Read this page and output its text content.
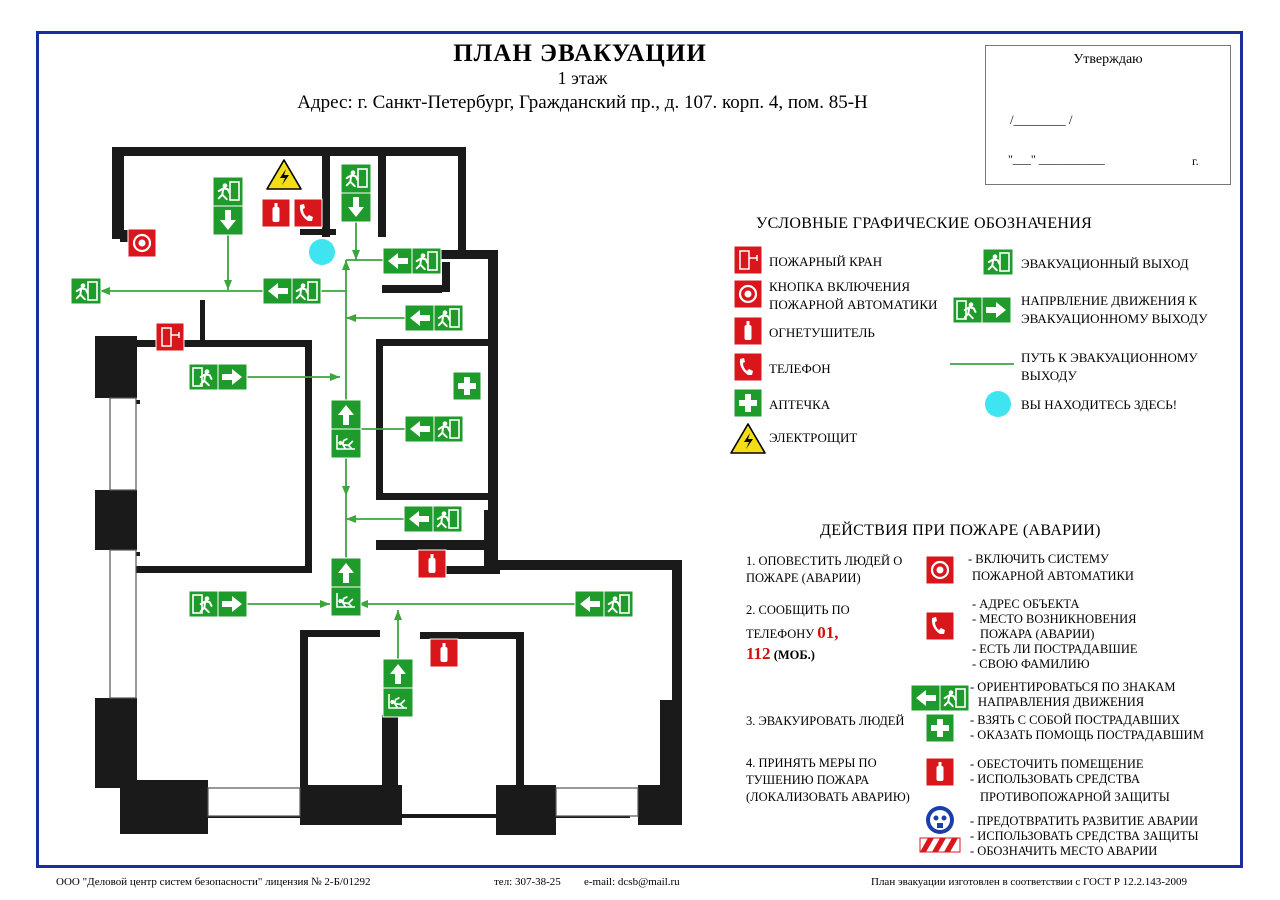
ПЛАН ЭВАКУАЦИИ
1 этаж
Адрес: г. Санкт-Петербург, Гражданский пр., д. 107. корп. 4, пом. 85-Н
Утверждаю
/________ /
"___" ___________	г.
УСЛОВНЫЕ ГРАФИЧЕСКИЕ ОБОЗНАЧЕНИЯ
ПОЖАРНЫЙ КРАН
КНОПКА ВКЛЮЧЕНИЯ ПОЖАРНОЙ АВТОМАТИКИ
ОГНЕТУШИТЕЛЬ
ТЕЛЕФОН
АПТЕЧКА
ЭЛЕКТРОЩИТ
ЭВАКУАЦИОННЫЙ ВЫХОД
НАПРВЛЕНИЕ ДВИЖЕНИЯ К ЭВАКУАЦИОННОМУ ВЫХОДУ
ПУТЬ К ЭВАКУАЦИОННОМУ ВЫХОДУ
ВЫ НАХОДИТЕСЬ ЗДЕСЬ!
ДЕЙСТВИЯ ПРИ ПОЖАРЕ (АВАРИИ)
1. ОПОВЕСТИТЬ ЛЮДЕЙ О ПОЖАРЕ (АВАРИИ)
- ВКЛЮЧИТЬ СИСТЕМУ
ПОЖАРНОЙ АВТОМАТИКИ
2. СООБЩИТЬ ПО
ТЕЛЕФОНУ 01,
112 (МОБ.)
- АДРЕС ОБЪЕКТА
- МЕСТО ВОЗНИКНОВЕНИЯ
ПОЖАРА (АВАРИИ)
- ЕСТЬ ЛИ ПОСТРАДАВШИЕ
- СВОЮ ФАМИЛИЮ
3. ЭВАКУИРОВАТЬ ЛЮДЕЙ
- ОРИЕНТИРОВАТЬСЯ ПО ЗНАКАМ
НАПРАВЛЕНИЯ ДВИЖЕНИЯ
- ВЗЯТЬ С СОБОЙ ПОСТРАДАВШИХ
- ОКАЗАТЬ ПОМОЩЬ ПОСТРАДАВШИМ
4. ПРИНЯТЬ МЕРЫ ПО
ТУШЕНИЮ ПОЖАРА
(ЛОКАЛИЗОВАТЬ АВАРИЮ)
- ОБЕСТОЧИТЬ ПОМЕЩЕНИЕ
- ИСПОЛЬЗОВАТЬ СРЕДСТВА
ПРОТИВОПОЖАРНОЙ ЗАЩИТЫ
- ПРЕДОТВРАТИТЬ РАЗВИТИЕ АВАРИИ
- ИСПОЛЬЗОВАТЬ СРЕДСТВА ЗАЩИТЫ
- ОБОЗНАЧИТЬ МЕСТО АВАРИИ
ООО "Деловой центр систем безопасности" лицензия № 2-Б/01292	тел: 307-38-25 e-mail: dcsb@mail.ru	План эвакуации изготовлен в соответствии с ГОСТ Р 12.2.143-2009
